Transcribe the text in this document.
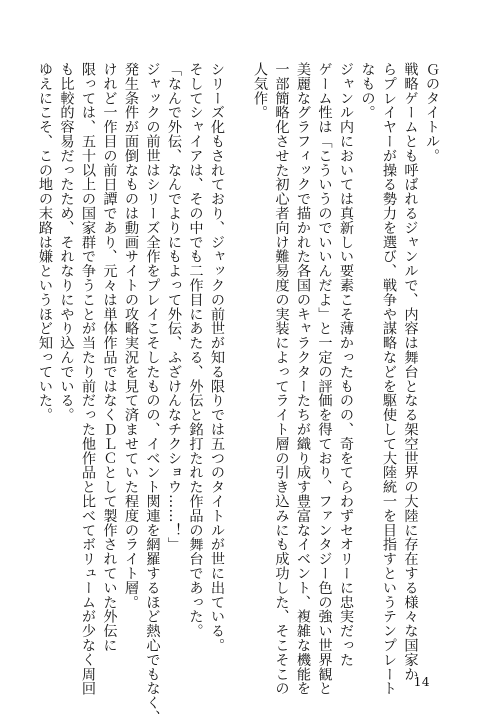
Ｇのタイトル。
戦略ゲームとも呼ばれるジャンルで、内容は舞台となる架空世界の大陸に存在する様々な国家か
らプレイヤーが操る勢力を選び、戦争や謀略などを駆使して大陸統一を目指すというテンプレート
なもの。
ジャンル内においては真新しい要素こそ薄かったものの、奇をてらわずセオリーに忠実だった
ゲーム性は「こういうのでいいんだよ」と一定の評価を得ており、ファンタジー色の強い世界観と
美麗なグラフィックで描かれた各国のキャラクターたちが織り成す豊富なイベント、複雑な機能を
一部簡略化させた初心者向け難易度の実装によってライト層の引き込みにも成功した、そこそこの
人気作。
シリーズ化もされており、ジャックの前世が知る限りでは五つのタイトルが世に出ている。
そしてシャイアは、その中でも二作目にあたる、外伝と銘打たれた作品の舞台であった。
「なんで外伝、なんでよりにもよって外伝、ふざけんなチクショウ……！」
ジャックの前世はシリーズ全作をプレイこそしたものの、イベント関連を網羅するほど熱心でもなく、
発生条件が面倒なものは動画サイトの攻略実況を見て済ませていた程度のライト層。
けれど一作目の前日譚であり、元々は単体作品ではなくＤＬＣとして製作されていた外伝に
限っては、五十以上の国家群で争うことが当たり前だった他作品と比べてボリュームが少なく周回
も比較的容易だったため、それなりにやり込んでいる。
ゆえにこそ、この地の末路は嫌というほど知っていた。
14
